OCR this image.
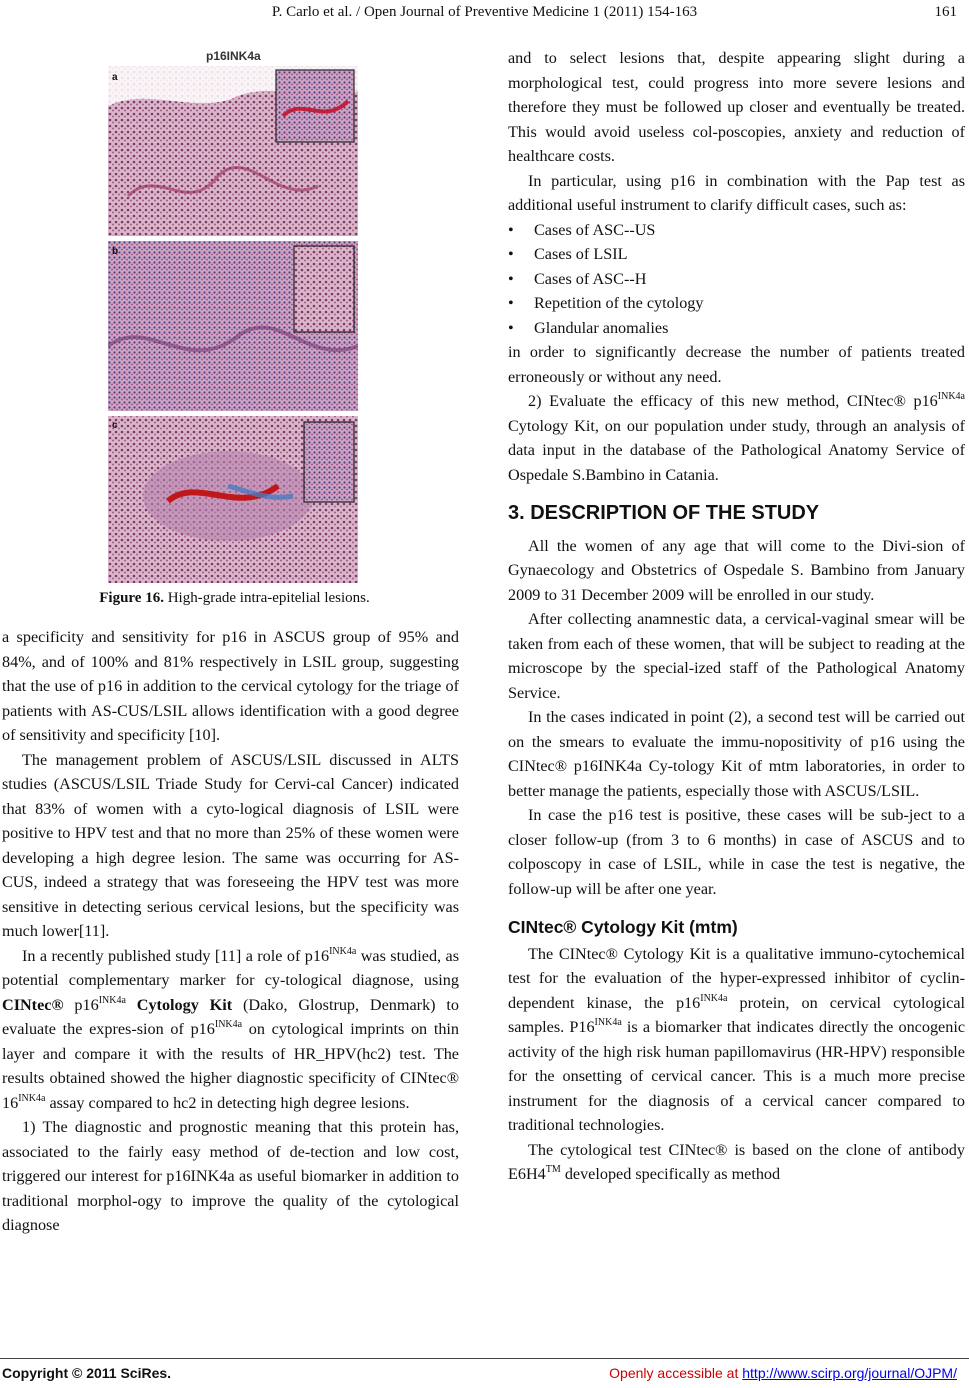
P. Carlo et al. / Open Journal of Preventive Medicine 1 (2011) 154-163	161
p16INK4a
a
b
c
Figure 16. High-grade intra-epitelial lesions.

a specificity and sensitivity for p16 in ASCUS group of 95% and 84%, and of 100% and 81% respectively in LSIL group, suggesting that the use of p16 in addition to the cervical cytology for the triage of patients with AS-CUS/LSIL allows identification with a good degree of sensitivity and specificity [10].

The management problem of ASCUS/LSIL discussed in ALTS studies (ASCUS/LSIL Triade Study for Cervi-cal Cancer) indicated that 83% of women with a cyto-logical diagnosis of LSIL were positive to HPV test and that no more than 25% of these women were developing a high degree lesion. The same was occurring for AS-CUS, indeed a strategy that was foreseeing the HPV test was more sensitive in detecting serious cervical lesions, but the specificity was much lower[11].

In a recently published study [11] a role of $p16^{INK4a}$ was studied, as potential complementary marker for cy-tological diagnose, using CINtec® $p16^{INK4a}$ Cytology Kit (Dako, Glostrup, Denmark) to evaluate the expres-sion of $p16^{INK4a}$ on cytological imprints on thin layer and compare it with the results of HR_HPV(hc2) test. The results obtained showed the higher diagnostic specificity of CINtec® $16^{INK4a}$ assay compared to hc2 in detecting high degree lesions.

1) The diagnostic and prognostic meaning that this protein has, associated to the fairly easy method of de-tection and low cost, triggered our interest for p16INK4a as useful biomarker in addition to traditional morphol-ogy to improve the quality of the cytological diagnose

and to select lesions that, despite appearing slight during a morphological test, could progress into more severe lesions and therefore they must be followed up closer and eventually be treated. This would avoid useless col-poscopies, anxiety and reduction of healthcare costs.

In particular, using p16 in combination with the Pap test as additional useful instrument to clarify difficult cases, such as:

• Cases of ASC--US
• Cases of LSIL
• Cases of ASC--H
• Repetition of the cytology
• Glandular anomalies

in order to significantly decrease the number of patients treated erroneously or without any need.

2) Evaluate the efficacy of this new method, CINtec® $p16^{INK4a}$ Cytology Kit, on our population under study, through an analysis of data input in the database of the Pathological Anatomy Service of Ospedale S.Bambino in Catania.

3. DESCRIPTION OF THE STUDY

All the women of any age that will come to the Divi-sion of Gynaecology and Obstetrics of Ospedale S. Bambino from January 2009 to 31 December 2009 will be enrolled in our study.

After collecting anamnestic data, a cervical-vaginal smear will be taken from each of these women, that will be subject to reading at the microscope by the special-ized staff of the Pathological Anatomy Service.

In the cases indicated in point (2), a second test will be carried out on the smears to evaluate the immu-nopositivity of p16 using the CINtec® p16INK4a Cy-tology Kit of mtm laboratories, in order to better manage the patients, especially those with ASCUS/LSIL.

In case the p16 test is positive, these cases will be sub-ject to a closer follow-up (from 3 to 6 months) in case of ASCUS and to colposcopy in case of LSIL, while in case the test is negative, the follow-up will be after one year.

CINtec® Cytology Kit (mtm)

The CINtec® Cytology Kit is a qualitative immuno-cytochemical test for the evaluation of the hyper-expressed inhibitor of cyclin-dependent kinase, the $p16^{INK4a}$ protein, on cervical cytological samples. $P16^{INK4a}$ is a biomarker that indicates directly the oncogenic activity of the high risk human papillomavirus (HR-HPV) responsible for the onsetting of cervical cancer. This is a much more precise instrument for the diagnosis of a cervical cancer compared to traditional technologies.

The cytological test CINtec® is based on the clone of antibody E6H4™ developed specifically as method

Copyright © 2011 SciRes.	Openly accessible at http://www.scirp.org/journal/OJPM/
